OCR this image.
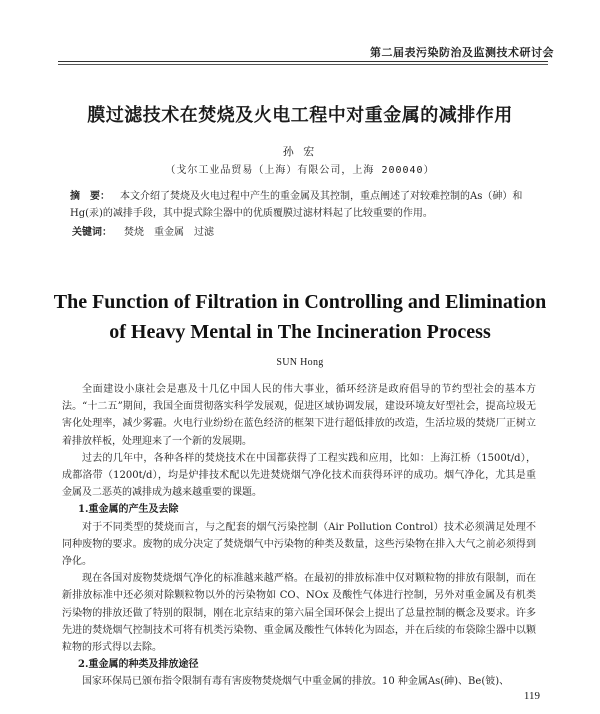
第二届表污染防治及监测技术研讨会
膜过滤技术在焚烧及火电工程中对重金属的减排作用
孙 宏
（戈尔工业品贸易（上海）有限公司，上海 200040）
摘　要： 本文介绍了焚烧及火电过程中产生的重金属及其控制，重点阐述了对较难控制的As（砷）和Hg(汞)的减排手段，其中提式除尘器中的优质覆膜过滤材料起了比较重要的作用。
关键词： 焚烧　重金属　过滤
The Function of Filtration in Controlling and Elimination
of Heavy Mental in The Incineration Process
SUN Hong

全面建设小康社会是惠及十几亿中国人民的伟大事业，循环经济是政府倡导的节约型社会的基本方法。“十二五”期间，我国全面贯彻落实科学发展观，促进区域协调发展，建设环境友好型社会，提高垃圾无害化处理率，减少雾霾。火电行业纷纷在蓝色经济的框架下进行超低排放的改造，生活垃圾的焚烧厂正树立着排放样板，处理迎来了一个新的发展期。

过去的几年中，各种各样的焚烧技术在中国都获得了工程实践和应用，比如：上海江桥（1500t/d），成都洛带（1200t/d），均是炉排技术配以先进焚烧烟气净化技术而获得环评的成功。烟气净化，尤其是重金属及二恶英的减排成为越来越重要的课题。

1.重金属的产生及去除

对于不同类型的焚烧而言，与之配套的烟气污染控制（Air Pollution Control）技术必须满足处理不同种废物的要求。废物的成分决定了焚烧烟气中污染物的种类及数量，这些污染物在排入大气之前必须得到净化。

现在各国对废物焚烧烟气净化的标准越来越严格。在最初的排放标准中仅对颗粒物的排放有限制，而在新排放标准中还必须对除颗粒物以外的污染物如 CO、NOx 及酸性气体进行控制，另外对重金属及有机类污染物的排放还做了特别的限制，刚在北京结束的第六届全国环保会上提出了总量控制的概念及要求。许多先进的焚烧烟气控制技术可将有机类污染物、重金属及酸性气体转化为固态，并在后续的布袋除尘器中以颗粒物的形式得以去除。

2.重金属的种类及排放途径

国家环保局已颁布指令限制有毒有害废物焚烧烟气中重金属的排放。10 种金属As(砷)、Be(铍)、

119
